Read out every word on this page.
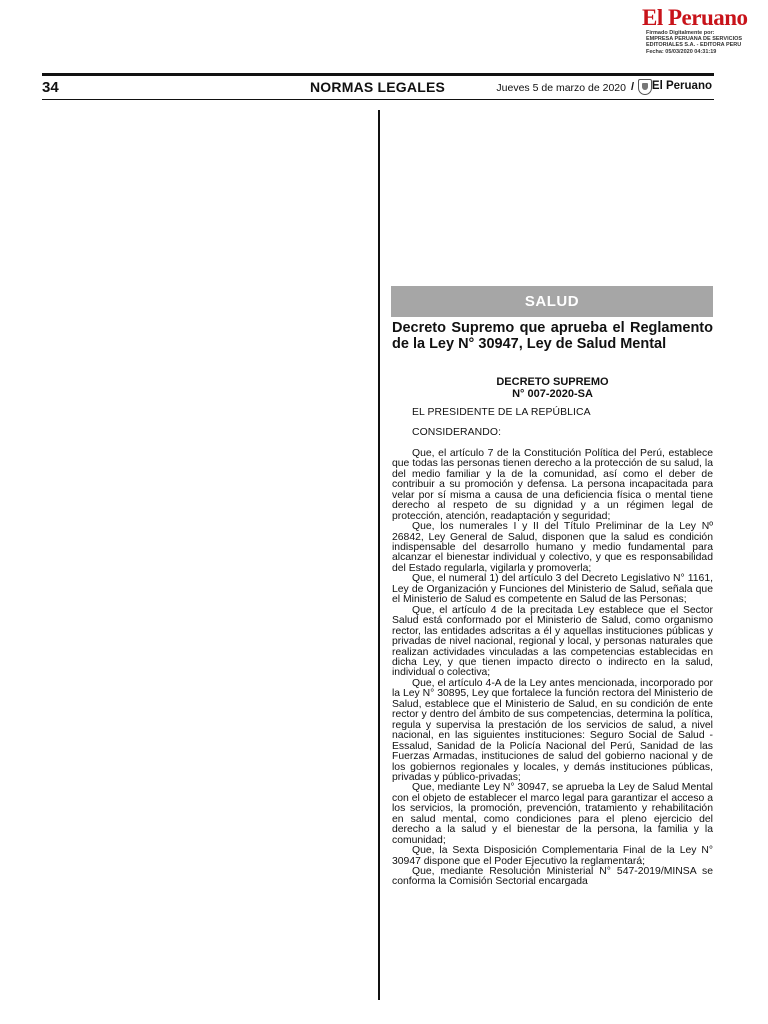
El Peruano
Firmado Digitalmente por:
EMPRESA PERUANA DE SERVICIOS
EDITORIALES S.A. - EDITORA PERU
Fecha: 05/03/2020 04:31:19
34	NORMAS LEGALES	Jueves 5 de marzo de 2020 / El Peruano
SALUD
Decreto Supremo que aprueba el Reglamento de la Ley N° 30947, Ley de Salud Mental
DECRETO SUPREMO
N° 007-2020-SA

EL PRESIDENTE DE LA REPÚBLICA

CONSIDERANDO:

Que, el artículo 7 de la Constitución Política del Perú, establece que todas las personas tienen derecho a la protección de su salud, la del medio familiar y la de la comunidad, así como el deber de contribuir a su promoción y defensa. La persona incapacitada para velar por sí misma a causa de una deficiencia física o mental tiene derecho al respeto de su dignidad y a un régimen legal de protección, atención, readaptación y seguridad;

Que, los numerales I y II del Título Preliminar de la Ley Nº 26842, Ley General de Salud, disponen que la salud es condición indispensable del desarrollo humano y medio fundamental para alcanzar el bienestar individual y colectivo, y que es responsabilidad del Estado regularla, vigilarla y promoverla;

Que, el numeral 1) del artículo 3 del Decreto Legislativo N° 1161, Ley de Organización y Funciones del Ministerio de Salud, señala que el Ministerio de Salud es competente en Salud de las Personas;

Que, el artículo 4 de la precitada Ley establece que el Sector Salud está conformado por el Ministerio de Salud, como organismo rector, las entidades adscritas a él y aquellas instituciones públicas y privadas de nivel nacional, regional y local, y personas naturales que realizan actividades vinculadas a las competencias establecidas en dicha Ley, y que tienen impacto directo o indirecto en la salud, individual o colectiva;

Que, el artículo 4-A de la Ley antes mencionada, incorporado por la Ley N° 30895, Ley que fortalece la función rectora del Ministerio de Salud, establece que el Ministerio de Salud, en su condición de ente rector y dentro del ámbito de sus competencias, determina la política, regula y supervisa la prestación de los servicios de salud, a nivel nacional, en las siguientes instituciones: Seguro Social de Salud - Essalud, Sanidad de la Policía Nacional del Perú, Sanidad de las Fuerzas Armadas, instituciones de salud del gobierno nacional y de los gobiernos regionales y locales, y demás instituciones públicas, privadas y público-privadas;

Que, mediante Ley N° 30947, se aprueba la Ley de Salud Mental con el objeto de establecer el marco legal para garantizar el acceso a los servicios, la promoción, prevención, tratamiento y rehabilitación en salud mental, como condiciones para el pleno ejercicio del derecho a la salud y el bienestar de la persona, la familia y la comunidad;

Que, la Sexta Disposición Complementaria Final de la Ley N° 30947 dispone que el Poder Ejecutivo la reglamentará;

Que, mediante Resolución Ministerial N° 547-2019/MINSA se conforma la Comisión Sectorial encargada
